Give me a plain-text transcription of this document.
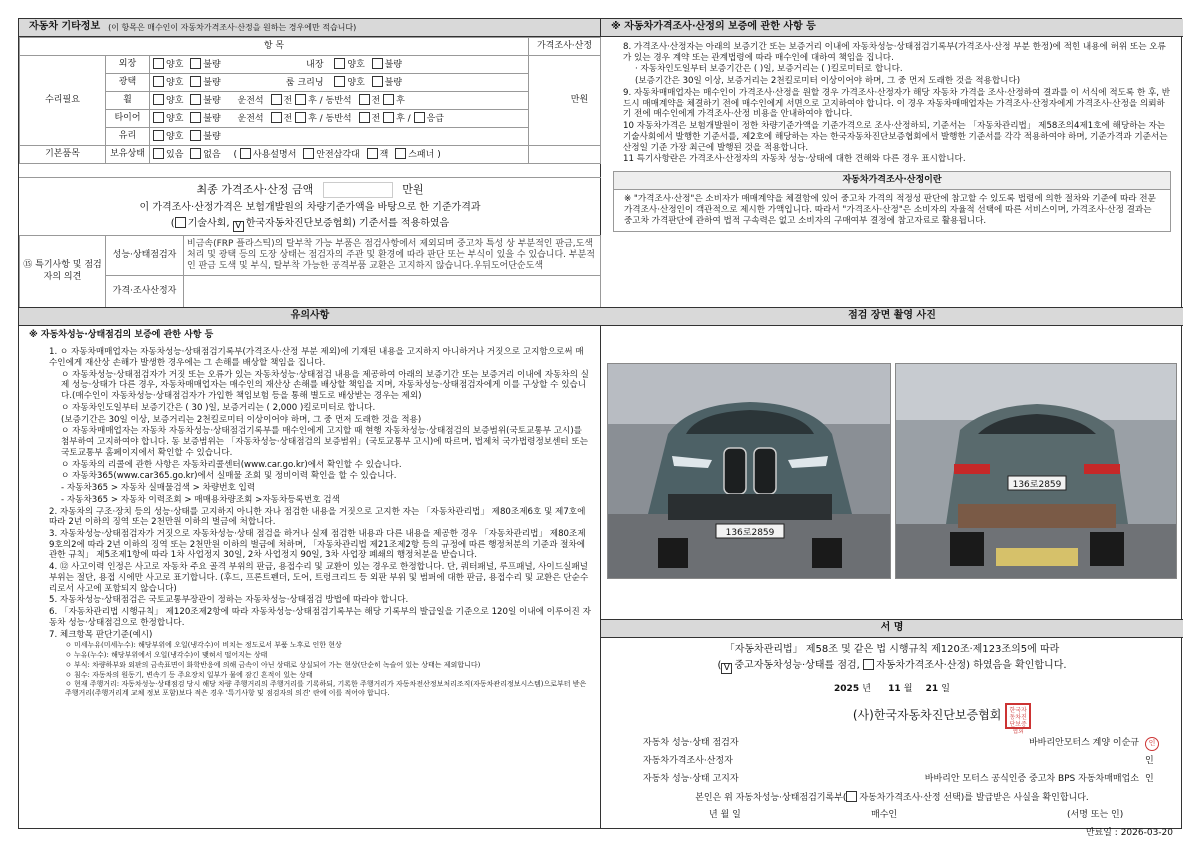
자동차 기타정보 (이 항목은 매수인이 자동차가격조사·산정을 원하는 경우에만 적습니다)
항 목			가격조사·산정
수리필요	외장	양호 불량 내장 양호 불량	만원
	광택	양호 불량 룸 크리닝 양호 불량	
	휠	양호 불량 운전석 전 후 / 동반석 전 후	
	타이어	양호 불량 운전석 전 후 / 동반석 전 후 / 응급	
	유리	양호 불량	
기본품목	보유상태	있음 없음 ( 사용설명서 안전삼각대 잭 스패너 )	
최종 가격조사·산정 금액	만원
이 가격조사·산정가격은 보험개발원의 차량기준가액을 바탕으로 한 기준가격과
( 기술사회, V 한국자동차진단보증협회) 기준서를 적용하였음
⑮ 특기사항 및 점검자의 의견	성능·상태점검자	비금속(FRP 플라스틱)의 탈부착 가능 부품은 점검사항에서 제외되며 중고차 특성 상 부분적인 판금,도색 처리 및 광택 등의 도장 상태는 점검자의 주관 및 환경에 따라 판단 또는 부식이 있을 수 있습니다. 부분적인 판금 도색 및 부식, 탈부착 가능한 공격부품 교환은 고지하지 않습니다.우뒤도어단순도색
	가격·조사산정자	
유의사항
※ 자동차성능·상태점검의 보증에 관한 사항 등
1. ㅇ 자동차매매업자는 자동차성능·상태점검기록부(가격조사·산정 부분 제외)에 기재된 내용을 고지하지 아니하거나 거짓으로 고지함으로써 매수인에게 재산상 손해가 발생한 경우에는 그 손해를 배상할 책임을 집니다.
ㅇ 자동차성능·상태점검자가 거짓 또는 오류가 있는 자동차성능·상태점검 내용을 제공하여 아래의 보증기간 또는 보증거리 이내에 자동차의 실제 성능·상태가 다른 경우, 자동차매매업자는 매수인의 재산상 손해를 배상할 책임을 지며, 자동차성능·상태점검자에게 이를 구상할 수 있습니다.(매수인이 자동차성능·상태점검자가 가입한 책임보험 등을 통해 별도로 배상받는 경우는 제외)
ㅇ 자동차인도일부터 보증기간은 ( 30 )일, 보증거리는 ( 2,000 )킬로미터로 합니다.
(보증기간은 30일 이상, 보증거리는 2천킬로미터 이상이어야 하며, 그 중 먼저 도래한 것을 적용)
ㅇ 자동차매매업자는 자동차 자동차성능·상태점검기록부를 매수인에게 고지할 때 현행 자동차성능·상태점검의 보증범위(국토교통부 고시)를 첨부하여 고지하여야 합니다. 동 보증범위는 「자동차성능·상태점검의 보증범위」(국토교통부 고시)에 따르며, 법제처 국가법령정보센터 또는 국토교통부 홈페이지에서 확인할 수 있습니다.
ㅇ 자동차의 리콜에 관한 사항은 자동차리콜센터(www.car.go.kr)에서 확인할 수 있습니다.
ㅇ 자동차365(www.car365.go.kr)에서 실매물 조회 및 정비이력 확인을 할 수 있습니다.
- 자동차365 > 자동차 실매물검색 > 차량번호 입력
- 자동차365 > 자동차 이력조회 > 매매용차량조회 >자동차등록번호 검색
2. 자동차의 구조·장치 등의 성능·상태를 고지하지 아니한 자나 점검한 내용을 거짓으로 고지한 자는 「자동차관리법」 제80조제6호 및 제7호에 따라 2년 이하의 징역 또는 2천만원 이하의 벌금에 처합니다.
3. 자동차성능·상태점검자가 거짓으로 자동차성능·상태 점검을 하거나 실제 점검한 내용과 다른 내용을 제공한 경우 「자동차관리법」 제80조제9호의2에 따라 2년 이하의 징역 또는 2천만원 이하의 벌금에 처하며, 「자동차관리법 제21조제2항 등의 규정에 따른 행정처분의 기준과 절차에 관한 규칙」 제5조제1항에 따라 1차 사업정지 30일, 2차 사업정지 90일, 3차 사업장 폐쇄의 행정처분을 받습니다.
4. ⑫ 사고이력 인정은 사고로 자동차 주요 골격 부위의 판금, 용접수리 및 교환이 있는 경우로 한정합니다. 단, 쿼터패널, 루프패널, 사이드실패널 부위는 절단, 용접 시에만 사고로 표기합니다. (후드, 프론트펜더, 도어, 트렁크리드 등 외판 부위 및 범퍼에 대한 판금, 용접수리 및 교환은 단순수리로서 사고에 포함되지 않습니다)
5. 자동차성능·상태점검은 국토교통부장관이 정하는 자동차성능·상태점검 방법에 따라야 합니다.
6. 「자동차관리법 시행규칙」 제120조제2항에 따라 자동차성능·상태점검기록부는 해당 기록부의 발급일을 기준으로 120일 이내에 이루어진 자동차 성능·상태점검으로 한정합니다.
7. 체크항목 판단기준(예시)
ㅇ 미세누유(미세누수): 해당부위에 오일(냉각수)이 비치는 정도로서 부품 노후로 인한 현상
ㅇ 누유(누수): 해당부위에서 오일(냉각수)이 맺혀서 떨어지는 상태
ㅇ 부식: 차량하부와 외판의 금속표면이 화학반응에 의해 금속이 아닌 상태로 상실되어 가는 현상(단순히 녹슬어 있는 상태는 제외합니다)
ㅇ 침수: 자동차의 원동기, 변속기 등 주요장치 일부가 물에 잠긴 흔적이 있는 상태
ㅇ 현재 주행거리: 자동차성능·상태점검 당시 해당 차량 주행거리의 주행거리를 기록하되, 기록한 주행거리가 자동차전산정보처리조직(자동차관리정보시스템)으로부터 받은 주행거리(주행거리계 교체 정보 포함)보다 적은 경우 '특기사항 및 점검자의 의견' 란에 이를 적어야 합니다.
※ 자동차가격조사·산정의 보증에 관한 사항 등
8. 가격조사·산정자는 아래의 보증기간 또는 보증거리 이내에 자동차성능·상태점검기록부(가격조사·산정 부분 한정)에 적힌 내용에 허위 또는 오류가 있는 경우 계약 또는 관계법령에 따라 매수인에 대하여 책임을 집니다.
· 자동차인도일부터 보증기간은 ( )일, 보증거리는 ( )킬로미터로 합니다.
(보증기간은 30일 이상, 보증거리는 2천킬로미터 이상이어야 하며, 그 중 먼저 도래한 것을 적용합니다)
9. 자동차매매업자는 매수인이 가격조사·산정을 원할 경우 가격조사·산정자가 해당 자동차 가격을 조사·산정하여 결과를 이 서식에 적도록 한 후, 반드시 매매계약을 체결하기 전에 매수인에게 서면으로 고지하여야 합니다. 이 경우 자동차매매업자는 가격조사·산정자에게 가격조사·산정을 의뢰하기 전에 매수인에게 가격조사·산정 비용을 안내하여야 합니다.
10 자동차가격은 보험개발원이 정한 차량기준가액을 기준가격으로 조사·산정하되, 기준서는 「자동차관리법」 제58조의4제1호에 해당하는 자는 기술사회에서 발행한 기준서를, 제2호에 해당하는 자는 한국자동차진단보증협회에서 발행한 기준서를 각각 적용하여야 하며, 기준가격과 기준서는 산정일 기준 가장 최근에 발행된 것을 적용합니다.
11 특기사항란은 가격조사·산정자의 자동차 성능·상태에 대한 견해와 다른 경우 표시합니다.
자동차가격조사·산정이란
※ "가격조사·산정"은 소비자가 매매계약을 체결함에 있어 중고차 가격의 적정성 판단에 참고할 수 있도록 법령에 의한 절차와 기준에 따라 전문 가격조사·산정인이 객관적으로 제시한 가액입니다. 따라서 "가격조사·산정"은 소비자의 자율적 선택에 따른 서비스이며, 가격조사·산정 결과는 중고차 가격판단에 관하여 법적 구속력은 없고 소비자의 구매여부 결정에 참고자료로 활용됩니다.
점검 장면 촬영 사진
136로2859
136로2859
서 명
「자동차관리법」 제58조 및 같은 법 시행규칙 제120조·제123조의5에 따라
( V 중고자동차성능·상태를 점검, 자동차가격조사·산정) 하였음을 확인합니다.
2025 년 11 월 21 일
(사)한국자동차진단보증협회 한국자동차진단보증협회
자동차 성능·상태 점검자	바바리안모터스 계양 이순규	인
자동차가격조사·산정자		인
자동차 성능·상태 고지자	바바리안 모터스 공식인증 중고차 BPS 자동차매매업소	인
본인은 위 자동차성능·상태점검기록부( 자동차가격조사·산정 선택)를 발급받은 사실을 확인합니다.
년 월 일	매수인	(서명 또는 인)
만료일 : 2026-03-20
